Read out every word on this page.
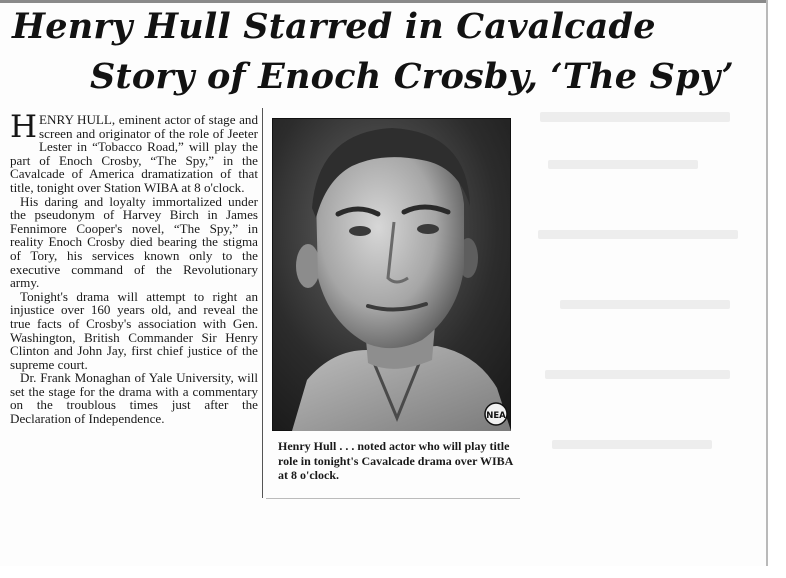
Henry Hull Starred in Cavalcade
Story of Enoch Crosby, ‘The Spy’

HENRY HULL, eminent actor of stage and screen and originator of the role of Jeeter Lester in “Tobacco Road,” will play the part of Enoch Crosby, “The Spy,” in the Cavalcade of America dramatization of that title, tonight over Station WIBA at 8 o'clock.

His daring and loyalty immortalized under the pseudonym of Harvey Birch in James Fennimore Cooper's novel, “The Spy,” in reality Enoch Crosby died bearing the stigma of Tory, his services known only to the executive command of the Revolutionary army.

Tonight's drama will attempt to right an injustice over 160 years old, and reveal the true facts of Crosby's association with Gen. Washington, British Commander Sir Henry Clinton and John Jay, first chief justice of the supreme court.

Dr. Frank Monaghan of Yale University, will set the stage for the drama with a commentary on the troublous times just after the Declaration of Independence.	NEA

Henry Hull . . . noted actor who will play title role in tonight's Cavalcade drama over WIBA at 8 o'clock.
